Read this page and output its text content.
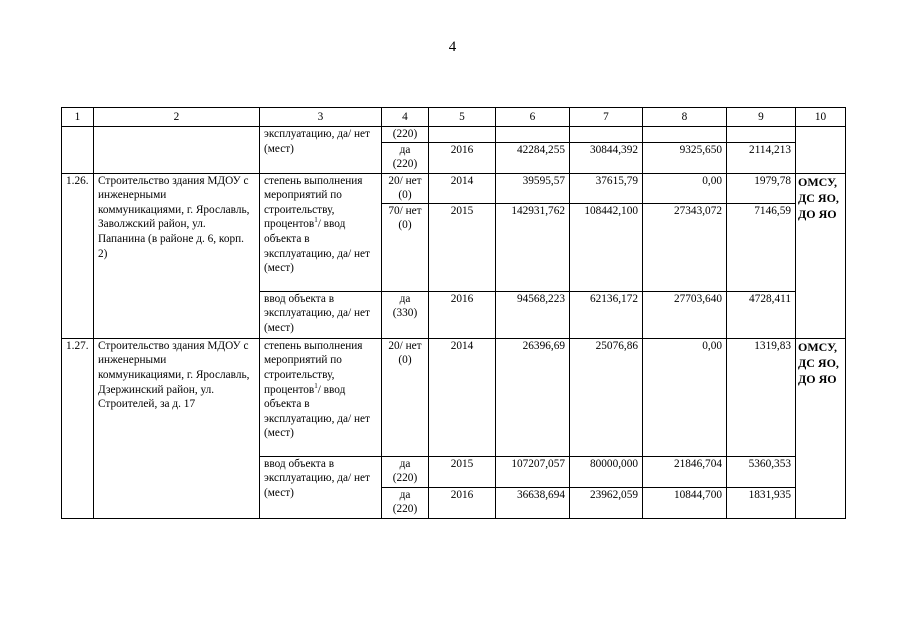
4
1	2	3	4	5	6	7	8	9	10
		эксплуатацию, да/ нет (мест)	(220)						
			да (220)	2016	42284,255	30844,392	9325,650	2114,213	
1.26.	Строительство здания МДОУ с инженерными коммуникациями, г. Ярославль, Заволжский район, ул. Папанина (в районе д. 6, корп. 2)	степень выполнения мероприятий по строительству, процентов$^1$/ ввод объекта в эксплуатацию, да/ нет (мест)	20/ нет (0)	2014	39595,57	37615,79	0,00	1979,78	ОМСУ, ДС ЯО, ДО ЯО
			70/ нет (0)	2015	142931,762	108442,100	27343,072	7146,59	
		ввод объекта в эксплуатацию, да/ нет (мест)	да (330)	2016	94568,223	62136,172	27703,640	4728,411	
1.27.	Строительство здания МДОУ с инженерными коммуникациями, г. Ярославль, Дзержинский район, ул. Строителей, за д. 17	степень выполнения мероприятий по строительству, процентов$^1$/ ввод объекта в эксплуатацию, да/ нет (мест)	20/ нет (0)	2014	26396,69	25076,86	0,00	1319,83	ОМСУ, ДС ЯО, ДО ЯО
		ввод объекта в эксплуатацию, да/ нет (мест)	да (220)	2015	107207,057	80000,000	21846,704	5360,353	
			да (220)	2016	36638,694	23962,059	10844,700	1831,935	
